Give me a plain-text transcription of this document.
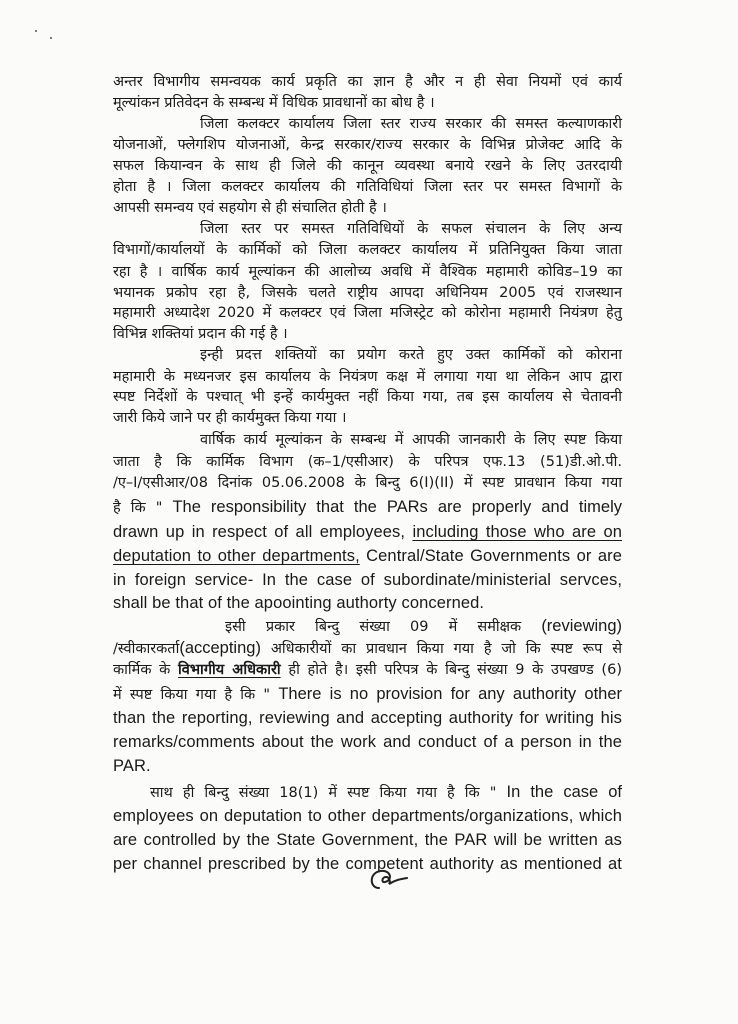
अन्तर विभागीय समन्वयक कार्य प्रकृति का ज्ञान है और न ही सेवा नियमों एवं कार्य
मूल्यांकन प्रतिवेदन के सम्बन्ध में विधिक प्रावधानों का बोध है ।
जिला कलक्टर कार्यालय जिला स्तर राज्य सरकार की समस्त कल्याणकारी
योजनाओं, फ्लेगशिप योजनाओं, केन्द्र सरकार/राज्य सरकार के विभिन्न प्रोजेक्ट आदि के
सफल कियान्वन के साथ ही जिले की कानून व्यवस्था बनाये रखने के लिए उतरदायी
होता है । जिला कलक्टर कार्यालय की गतिविधियां जिला स्तर पर समस्त विभागों के
आपसी समन्वय एवं सहयोग से ही संचालित होती है ।
जिला स्तर पर समस्त गतिविधियों के सफल संचालन के लिए अन्य
विभागों/कार्यालयों के कार्मिकों को जिला कलक्टर कार्यालय में प्रतिनियुक्त किया जाता
रहा है । वार्षिक कार्य मूल्यांकन की आलोच्य अवधि में वैश्विक महामारी कोविड–19 का
भयानक प्रकोप रहा है, जिसके चलते राष्ट्रीय आपदा अधिनियम 2005 एवं राजस्थान
महामारी अध्यादेश 2020 में कलक्टर एवं जिला मजिस्ट्रेट को कोरोना महामारी नियंत्रण हेतु
विभिन्न शक्तियां प्रदान की गई है ।
इन्ही प्रदत्त शक्तियों का प्रयोग करते हुए उक्त कार्मिकों को कोराना
महामारी के मध्यनजर इस कार्यालय के नियंत्रण कक्ष में लगाया गया था लेकिन आप द्वारा
स्पष्ट निर्देशों के पश्चात् भी इन्हें कार्यमुक्त नहीं किया गया, तब इस कार्यालय से चेतावनी
जारी किये जाने पर ही कार्यमुक्त किया गया ।
वार्षिक कार्य मूल्यांकन के सम्बन्ध में आपकी जानकारी के लिए स्पष्ट किया
जाता है कि कार्मिक विभाग (क–1/एसीआर) के परिपत्र एफ.13 (51)डी.ओ.पी.
/ए–I/एसीआर/08 दिनांक 05.06.2008 के बिन्दु 6(I)(II) में स्पष्ट प्रावधान किया गया
है कि " The responsibility that the PARs are properly and timely
drawn up in respect of all employees, including those who are on
deputation to other departments, Central/State Governments or are
in foreign service- In the case of subordinate/ministerial servces,
shall be that of the apoointing authorty concerned.
इसी प्रकार बिन्दु संख्या 09 में समीक्षक (reviewing)
/स्वीकारकर्ता(accepting) अधिकारीयों का प्रावधान किया गया है जो कि स्पष्ट रूप से
कार्मिक के विभागीय अधिकारी ही होते है। इसी परिपत्र के बिन्दु संख्या 9 के उपखण्ड (6)
में स्पष्ट किया गया है कि " There is no provision for any authority other
than the reporting, reviewing and accepting authority for writing his
remarks/comments about the work and conduct of a person in the
PAR.
साथ ही बिन्दु संख्या 18(1) में स्पष्ट किया गया है कि " In the case of
employees on deputation to other departments/organizations, which
are controlled by the State Government, the PAR will be written as
per channel prescribed by the competent authority as mentioned at
